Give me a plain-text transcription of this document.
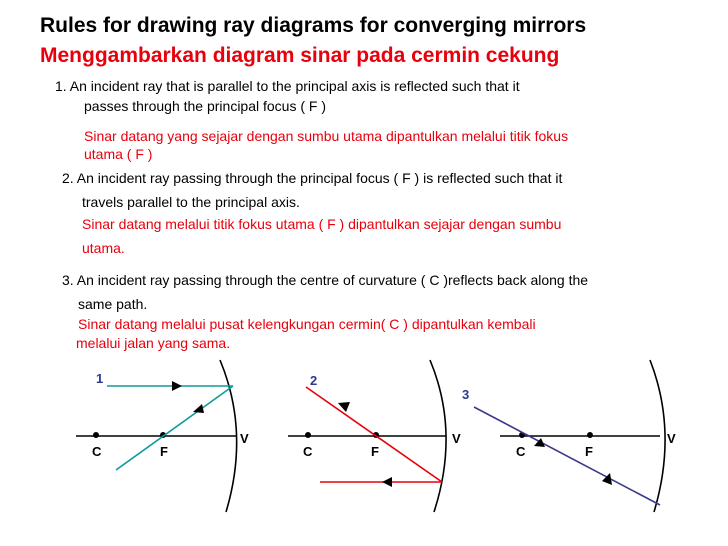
Rules for drawing ray diagrams for converging mirrors
Menggambarkan diagram sinar pada cermin cekung
1. An incident ray that is parallel to the principal axis is reflected such that it
passes through the principal focus ( F )
Sinar datang yang sejajar dengan sumbu utama dipantulkan melalui titik fokus
utama ( F )
2. An incident ray passing through the principal focus ( F ) is reflected such that it
travels parallel to the principal axis.
Sinar datang melalui titik fokus utama ( F ) dipantulkan sejajar dengan sumbu
utama.
3. An incident ray passing through the centre of curvature ( C )reflects back along the
same path.
Sinar datang melalui pusat kelengkungan cermin( C ) dipantulkan kembali
melalui jalan yang sama.
1
C	F
V
2
C	F
V
3
C	F
V
